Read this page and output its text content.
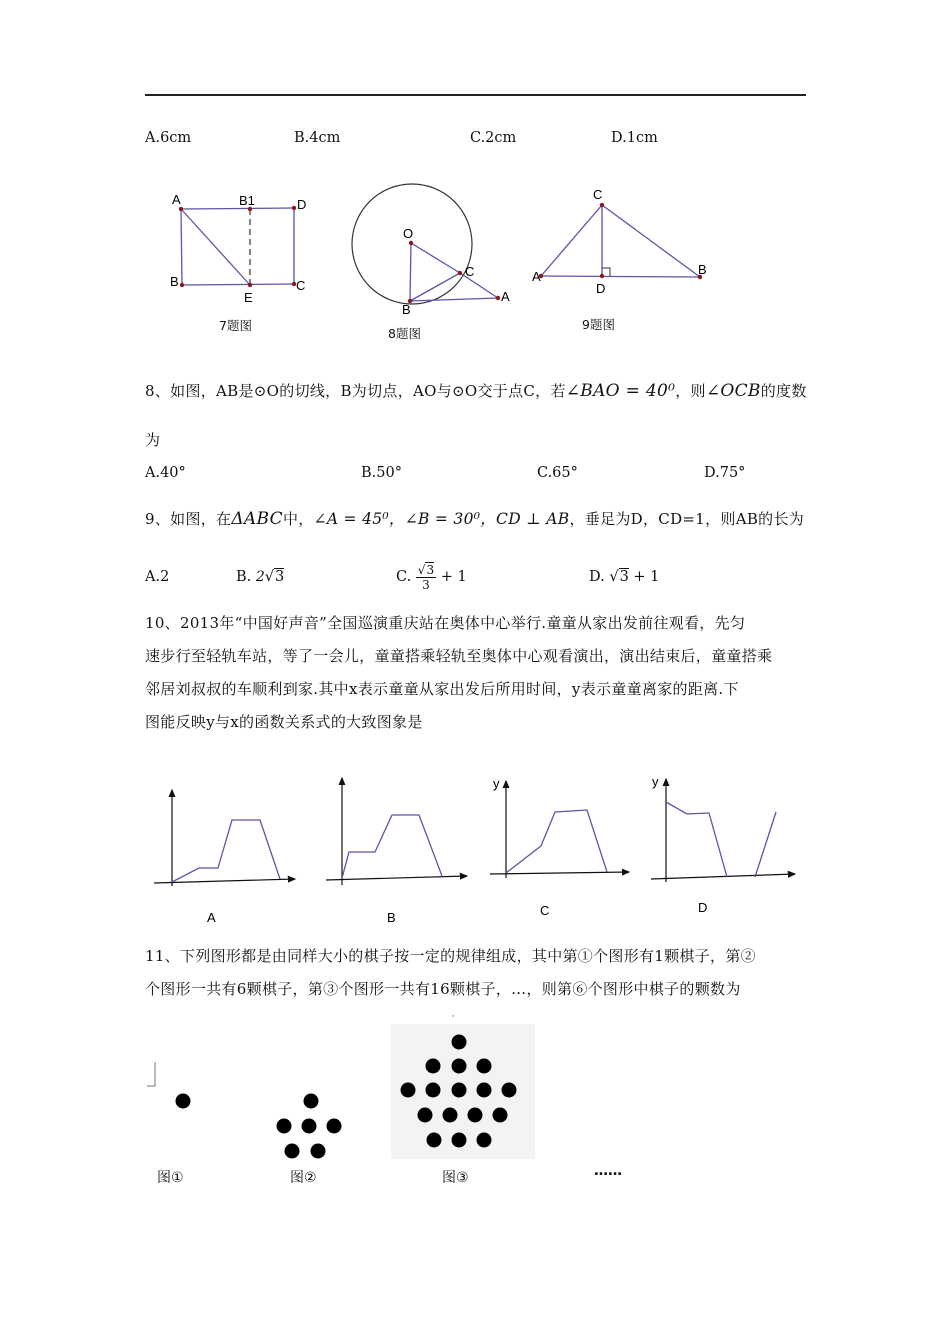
A.6cm	B.4cm	C.2cm	D.1cm
A	B1	D
B
E
C
O
C
B
A
C
A
D
B
7题图
8题图
9题图
8、如图，AB是⊙O的切线，B为切点，AO与⊙O交于点C，若∠BAO = 40⁰，则∠OCB的度数
为
A.40°	B.50°	C.65°	D.75°
9、如图，在ΔABC中，∠A = 45⁰，∠B = 30⁰，CD ⊥ AB，垂足为D，CD=1，则AB的长为
A.2	B. 2√3	C. $\frac{√3}{3} + 1$	D. √3 + 1
10、2013年“中国好声音”全国巡演重庆站在奥体中心举行.童童从家出发前往观看，先匀
速步行至轻轨车站，等了一会儿，童童搭乘轻轨至奥体中心观看演出，演出结束后，童童搭乘
邻居刘叔叔的车顺利到家.其中x表示童童从家出发后所用时间，y表示童童离家的距离.下
图能反映y与x的函数关系式的大致图象是
A	B
y
C
y
D
11、下列图形都是由同样大小的棋子按一定的规律组成，其中第①个图形有1颗棋子，第②
个图形一共有6颗棋子，第③个图形一共有16颗棋子，…，则第⑥个图形中棋子的颗数为
˅
图①	图②	图③	……
